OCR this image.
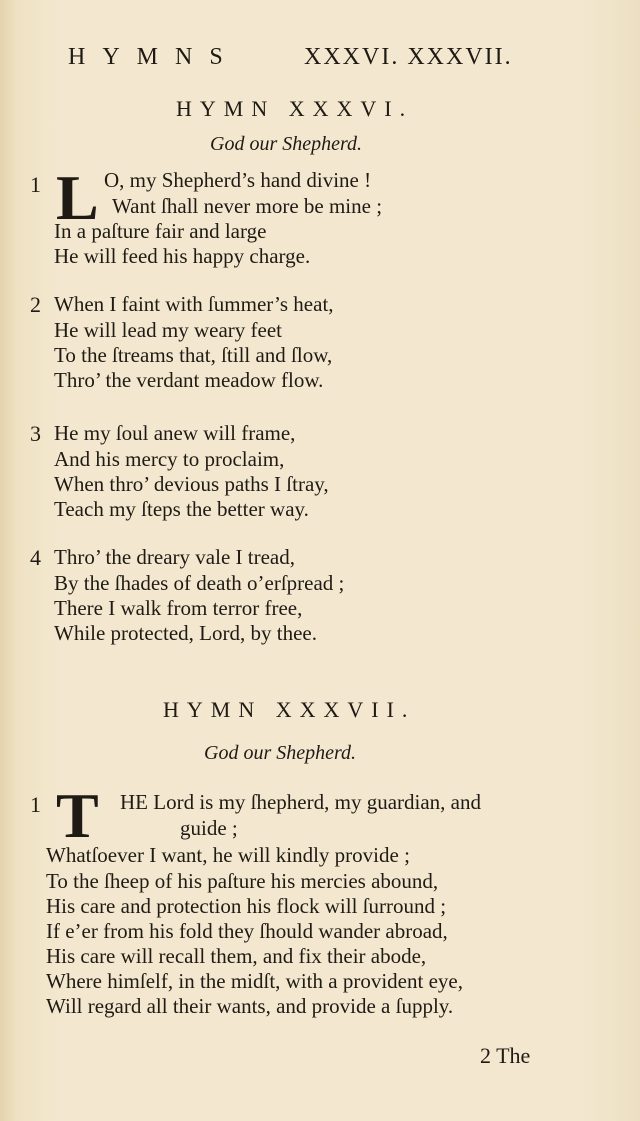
HYMNS	XXXVI. XXXVII.
HYMN XXXVI.
God our Shepherd.
1 L O, my Shepherd’s hand divine !
Want ſhall never more be mine ;
In a paſture fair and large
He will feed his happy charge.
2 When I faint with ſummer’s heat,
He will lead my weary feet
To the ſtreams that, ſtill and ſlow,
Thro’ the verdant meadow flow.
3 He my ſoul anew will frame,
And his mercy to proclaim,
When thro’ devious paths I ſtray,
Teach my ſteps the better way.
4 Thro’ the dreary vale I tread,
By the ſhades of death o’erſpread ;
There I walk from terror free,
While protected, Lord, by thee.
HYMN XXXVII.
God our Shepherd.
1 T HE Lord is my ſhepherd, my guardian, and
guide ;
Whatſoever I want, he will kindly provide ;
To the ſheep of his paſture his mercies abound,
His care and protection his flock will ſurround ;
If e’er from his fold they ſhould wander abroad,
His care will recall them, and fix their abode,
Where himſelf, in the midſt, with a provident eye,
Will regard all their wants, and provide a ſupply.
2 The
